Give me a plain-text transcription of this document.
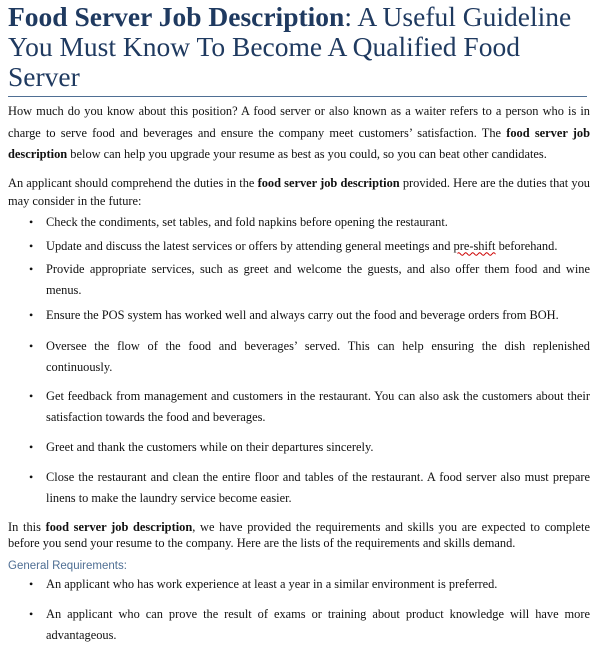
Food Server Job Description: A Useful Guideline You Must Know To Become A Qualified Food Server
How much do you know about this position? A food server or also known as a waiter refers to a person who is in charge to serve food and beverages and ensure the company meet customers’ satisfaction. The food server job description below can help you upgrade your resume as best as you could, so you can beat other candidates.
An applicant should comprehend the duties in the food server job description provided. Here are the duties that you may consider in the future:
• Check the condiments, set tables, and fold napkins before opening the restaurant.
• Update and discuss the latest services or offers by attending general meetings and pre-shift beforehand.
• Provide appropriate services, such as greet and welcome the guests, and also offer them food and wine menus.
• Ensure the POS system has worked well and always carry out the food and beverage orders from BOH.
• Oversee the flow of the food and beverages’ served. This can help ensuring the dish replenished continuously.
• Get feedback from management and customers in the restaurant. You can also ask the customers about their satisfaction towards the food and beverages.
• Greet and thank the customers while on their departures sincerely.
• Close the restaurant and clean the entire floor and tables of the restaurant. A food server also must prepare linens to make the laundry service become easier.
In this food server job description, we have provided the requirements and skills you are expected to complete before you send your resume to the company. Here are the lists of the requirements and skills demand.
General Requirements:
• An applicant who has work experience at least a year in a similar environment is preferred.
• An applicant who can prove the result of exams or training about product knowledge will have more advantageous.
